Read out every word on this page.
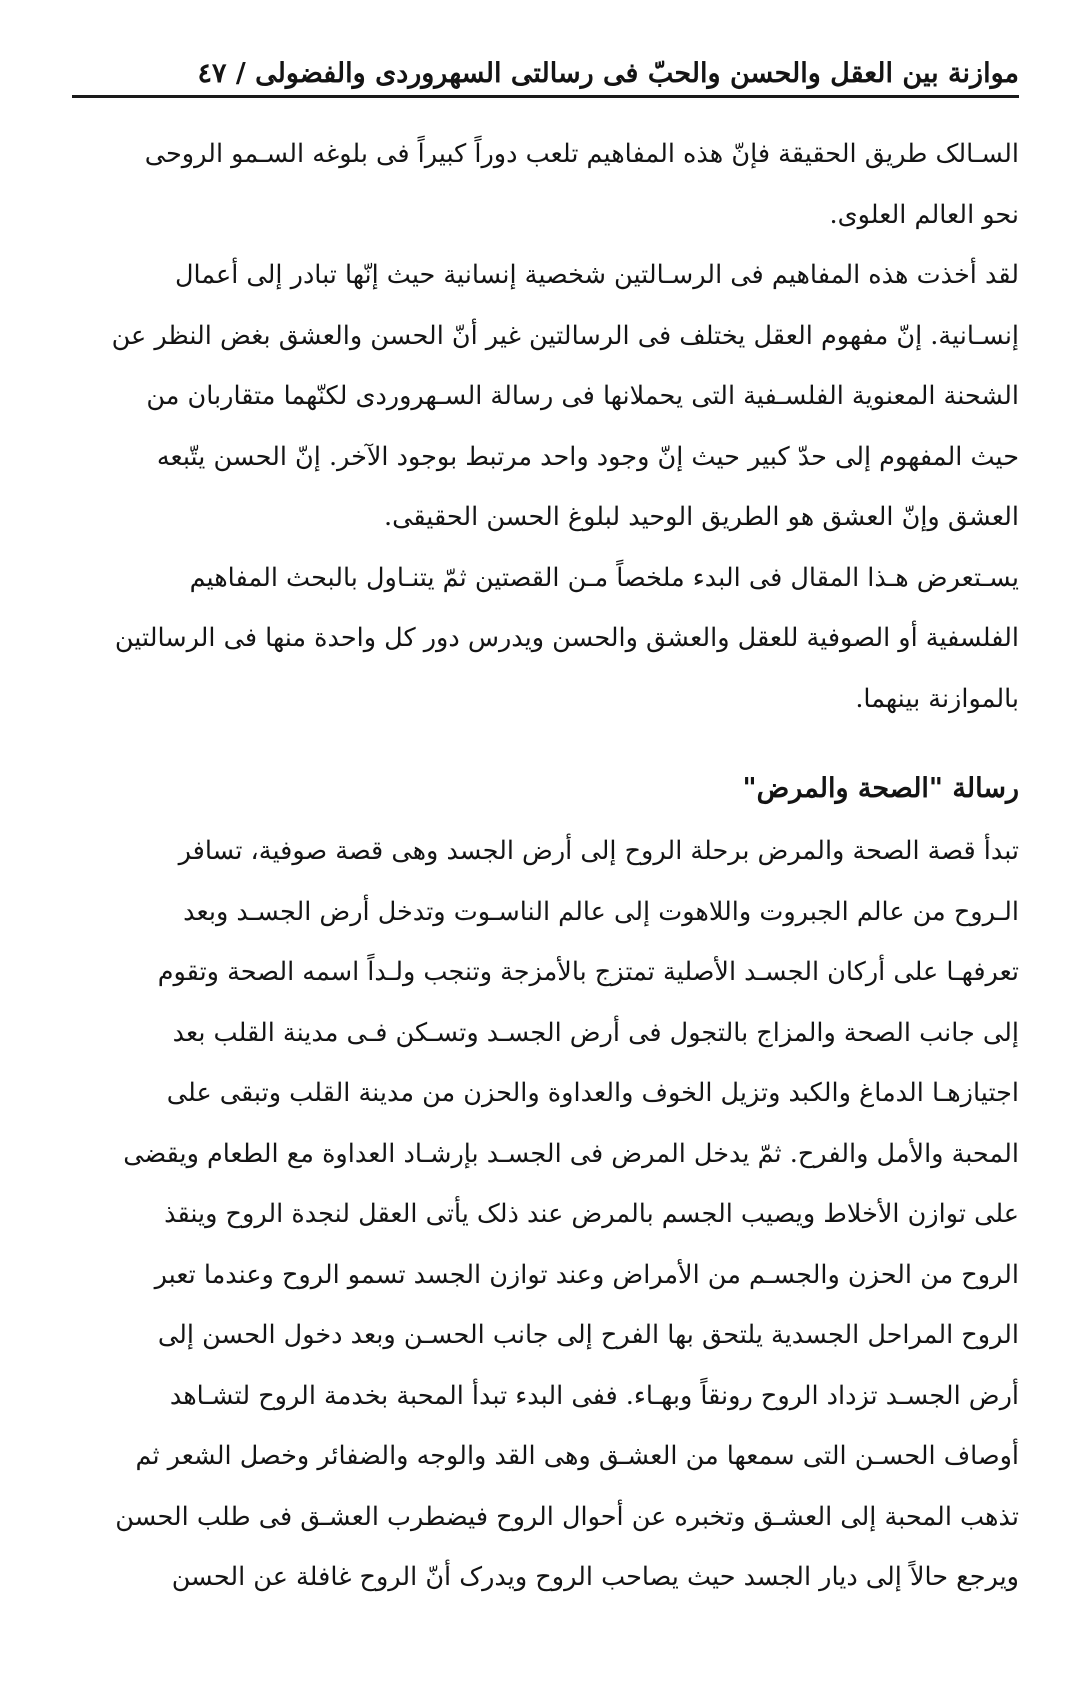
موازنة بين العقل والحسن والحبّ فى رسالتى السهروردى والفضولى / ٤٧
السـالک طريق الحقيقة فإنّ هذه المفاهيم تلعب دوراً كبيراً فى بلوغه السـمو الروحى
نحو العالم العلوى.
لقد أخذت هذه المفاهيم فى الرسـالتين شخصية إنسانية حيث إنّها تبادر إلى أعمال
إنسـانية. إنّ مفهوم العقل يختلف فى الرسالتين غير أنّ الحسن والعشق بغض النظر عن
الشحنة المعنوية الفلسـفية التى يحملانها فى رسالة السـهروردى لكنّهما متقاربان من
حيث المفهوم إلى حدّ كبير حيث إنّ وجود واحد مرتبط بوجود الآخر. إنّ الحسن يتّبعه
العشق وإنّ العشق هو الطريق الوحيد لبلوغ الحسن الحقيقى.
يسـتعرض هـذا المقال فى البدء ملخصاً مـن القصتين ثمّ يتنـاول بالبحث المفاهيم
الفلسفية أو الصوفية للعقل والعشق والحسن ويدرس دور كل واحدة منها فى الرسالتين
بالموازنة بينهما.
رسالة "الصحة والمرض"
تبدأ قصة الصحة والمرض برحلة الروح إلى أرض الجسد وهى قصة صوفية، تسافر
الـروح من عالم الجبروت واللاهوت إلى عالم الناسـوت وتدخل أرض الجسـد وبعد
تعرفهـا على أركان الجسـد الأصلية تمتزج بالأمزجة وتنجب ولـداً اسمه الصحة وتقوم
إلى جانب الصحة والمزاج بالتجول فى أرض الجسـد وتسـكن فـى مدينة القلب بعد
اجتيازهـا الدماغ والكبد وتزيل الخوف والعداوة والحزن من مدينة القلب وتبقى على
المحبة والأمل والفرح. ثمّ يدخل المرض فى الجسـد بإرشـاد العداوة مع الطعام ويقضى
على توازن الأخلاط ويصيب الجسم بالمرض عند ذلک يأتى العقل لنجدة الروح وينقذ
الروح من الحزن والجسـم من الأمراض وعند توازن الجسد تسمو الروح وعندما تعبر
الروح المراحل الجسدية يلتحق بها الفرح إلى جانب الحسـن وبعد دخول الحسن إلى
أرض الجسـد تزداد الروح رونقاً وبهـاء. ففى البدء تبدأ المحبة بخدمة الروح لتشـاهد
أوصاف الحسـن التى سمعها من العشـق وهى القد والوجه والضفائر وخصل الشعر ثم
تذهب المحبة إلى العشـق وتخبره عن أحوال الروح فيضطرب العشـق فى طلب الحسن
ويرجع حالاً إلى ديار الجسد حيث يصاحب الروح ويدرک أنّ الروح غافلة عن الحسن
